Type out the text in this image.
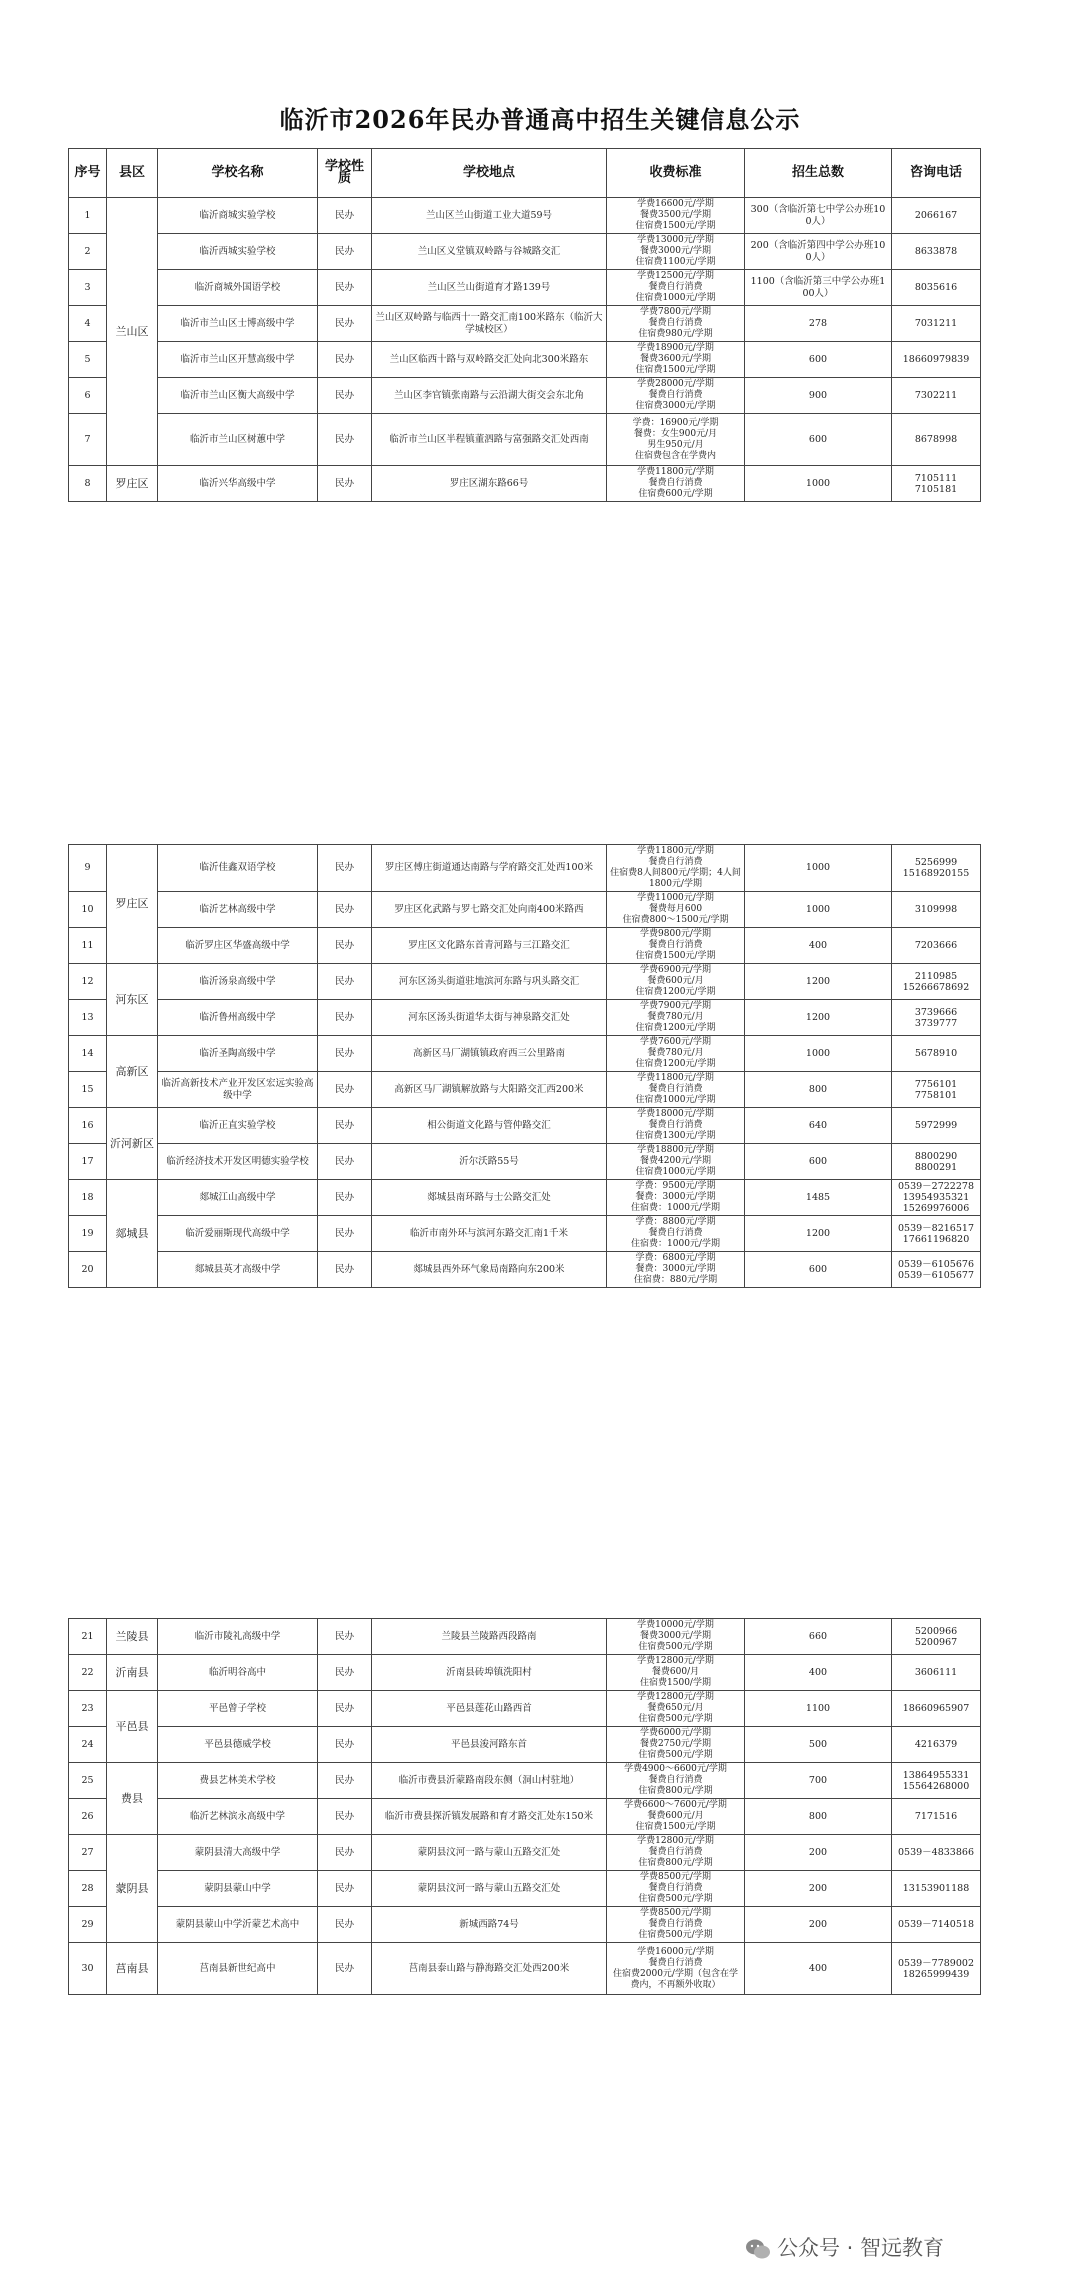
临沂市2026年民办普通高中招生关键信息公示
序号	县区	学校名称	学校性质	学校地点	收费标准	招生总数	咨询电话
1	兰山区	临沂商城实验学校	民办	兰山区兰山街道工业大道59号	学费16600元/学期
餐费3500元/学期
住宿费1500元/学期	300（含临沂第七中学公办班100人）	2066167
2		临沂西城实验学校	民办	兰山区义堂镇双岭路与谷城路交汇	学费13000元/学期
餐费3000元/学期
住宿费1100元/学期	200（含临沂第四中学公办班100人）	8633878
3		临沂商城外国语学校	民办	兰山区兰山街道育才路139号	学费12500元/学期
餐费自行消费
住宿费1000元/学期	1100（含临沂第三中学公办班100人）	8035616
4		临沂市兰山区士博高级中学	民办	兰山区双岭路与临西十一路交汇南100米路东（临沂大学城校区）	学费7800元/学期
餐费自行消费
住宿费980元/学期	278	7031211
5		临沂市兰山区开慧高级中学	民办	兰山区临西十路与双岭路交汇处向北300米路东	学费18900元/学期
餐费3600元/学期
住宿费1500元/学期	600	18660979839
6		临沂市兰山区衡大高级中学	民办	兰山区李官镇张南路与云沿湖大街交会东北角	学费28000元/学期
餐费自行消费
住宿费3000元/学期	900	7302211
7		临沂市兰山区树蕙中学	民办	临沂市兰山区半程镇董泗路与富强路交汇处西南	学费：16900元/学期
餐费：女生900元/月
男生950元/月
住宿费包含在学费内	600	8678998
8	罗庄区	临沂兴华高级中学	民办	罗庄区湖东路66号	学费11800元/学期
餐费自行消费
住宿费600元/学期	1000	7105111
7105181
9	罗庄区	临沂佳鑫双语学校	民办	罗庄区傅庄街道通达南路与学府路交汇处西100米	学费11800元/学期
餐费自行消费
住宿费8人间800元/学期；4人间1800元/学期	1000	5256999
15168920155
10		临沂艺林高级中学	民办	罗庄区化武路与罗七路交汇处向南400米路西	学费11000元/学期
餐费每月600
住宿费800～1500元/学期	1000	3109998
11		临沂罗庄区华盛高级中学	民办	罗庄区文化路东首青河路与三江路交汇	学费9800元/学期
餐费自行消费
住宿费1500元/学期	400	7203666
12	河东区	临沂汤泉高级中学	民办	河东区汤头街道驻地滨河东路与巩头路交汇	学费6900元/学期
餐费600元/月
住宿费1200元/学期	1200	2110985
15266678692
13		临沂鲁州高级中学	民办	河东区汤头街道华太街与神泉路交汇处	学费7900元/学期
餐费780元/月
住宿费1200元/学期	1200	3739666
3739777
14	高新区	临沂圣陶高级中学	民办	高新区马厂湖镇镇政府西三公里路南	学费7600元/学期
餐费780元/月
住宿费1200元/学期	1000	5678910
15		临沂高新技术产业开发区宏远实验高级中学	民办	高新区马厂湖镇解放路与大阳路交汇西200米	学费11800元/学期
餐费自行消费
住宿费1000元/学期	800	7756101
7758101
16	沂河新区	临沂正直实验学校	民办	相公街道文化路与管仲路交汇	学费18000元/学期
餐费自行消费
住宿费1300元/学期	640	5972999
17		临沂经济技术开发区明德实验学校	民办	沂尔沃路55号	学费18800元/学期
餐费4200元/学期
住宿费1000元/学期	600	8800290
8800291
18	郯城县	郯城江山高级中学	民办	郯城县南环路与士公路交汇处	学费：9500元/学期
餐费：3000元/学期
住宿费：1000元/学期	1485	0539－2722278
13954935321
15269976006
19		临沂爱丽斯现代高级中学	民办	临沂市南外环与滨河东路交汇南1千米	学费：8800元/学期
餐费自行消费
住宿费：1000元/学期	1200	0539－8216517
17661196820
20		郯城县英才高级中学	民办	郯城县西外环气象局南路向东200米	学费：6800元/学期
餐费：3000元/学期
住宿费：880元/学期	600	0539－6105676
0539－6105677
21	兰陵县	临沂市陵礼高级中学	民办	兰陵县兰陵路西段路南	学费10000元/学期
餐费3000元/学期
住宿费500元/学期	660	5200966
5200967
22	沂南县	临沂明谷高中	民办	沂南县砖埠镇洗阳村	学费12800元/学期
餐费600/月
住宿费1500/学期	400	3606111
23	平邑县	平邑曾子学校	民办	平邑县莲花山路西首	学费12800元/学期
餐费650元/月
住宿费500元/学期	1100	18660965907
24		平邑县德威学校	民办	平邑县浚河路东首	学费6000元/学期
餐费2750元/学期
住宿费500元/学期	500	4216379
25	费县	费县艺林美术学校	民办	临沂市费县沂蒙路南段东侧（洞山村驻地）	学费4900～6600元/学期
餐费自行消费
住宿费800元/学期	700	13864955331
15564268000
26		临沂艺林滨永高级中学	民办	临沂市费县探沂镇发展路和育才路交汇处东150米	学费6600～7600元/学期
餐费600元/月
住宿费1500元/学期	800	7171516
27	蒙阴县	蒙阴县清大高级中学	民办	蒙阴县汶河一路与蒙山五路交汇处	学费12800元/学期
餐费自行消费
住宿费800元/学期	200	0539－4833866
28		蒙阴县蒙山中学	民办	蒙阴县汶河一路与蒙山五路交汇处	学费8500元/学期
餐费自行消费
住宿费500元/学期	200	13153901188
29		蒙阴县蒙山中学沂蒙艺术高中	民办	新城西路74号	学费8500元/学期
餐费自行消费
住宿费500元/学期	200	0539－7140518
30	莒南县	莒南县新世纪高中	民办	莒南县泰山路与静海路交汇处西200米	学费16000元/学期
餐费自行消费
住宿费2000元/学期（包含在学费内，不再额外收取）	400	0539－7789002
18265999439
公众号 · 智远教育
